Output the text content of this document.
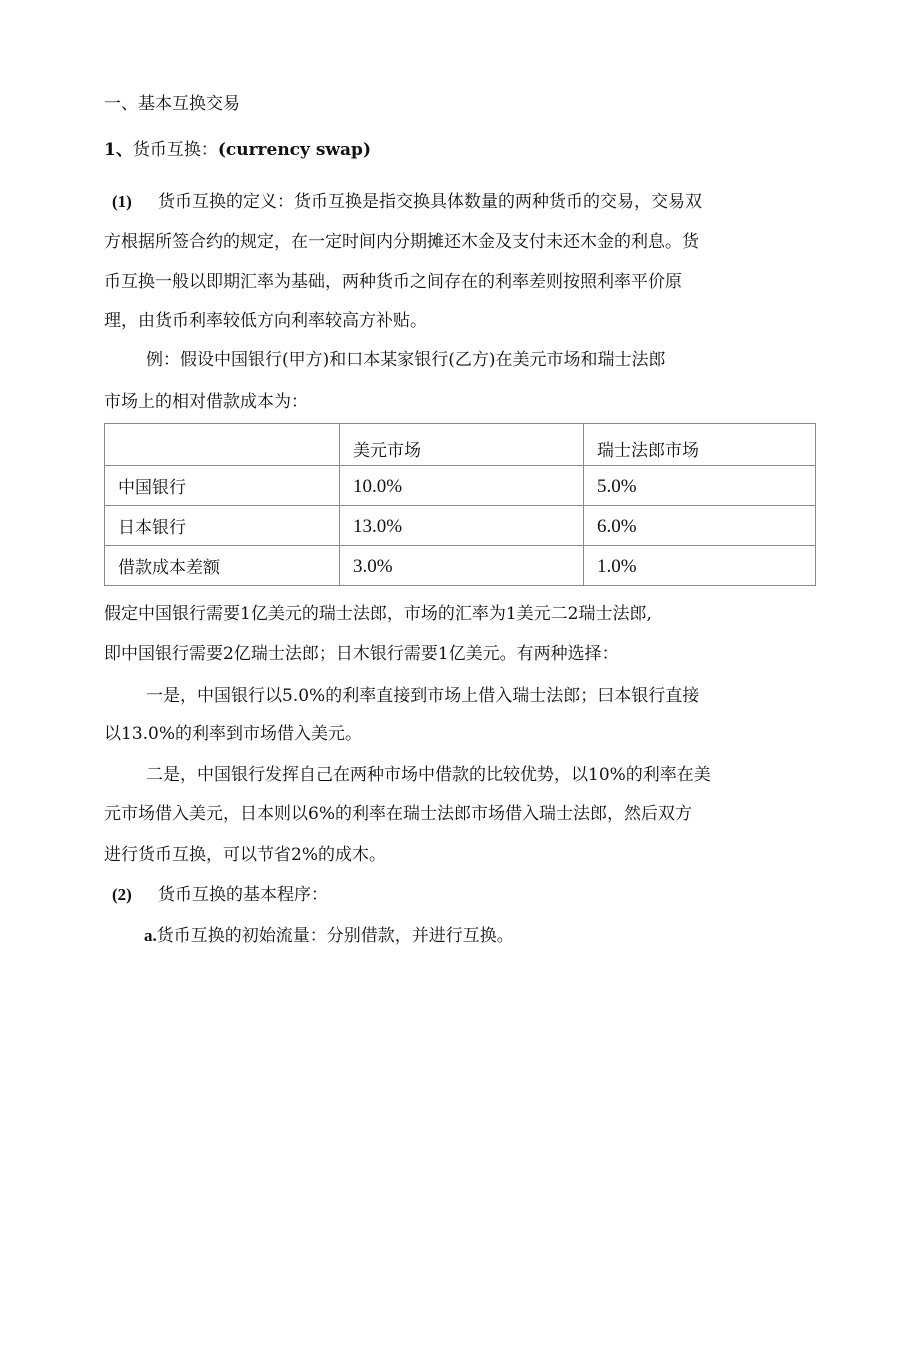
一、基本互换交易
1、货币互换：(currency swap)
(1) 货币互换的定义：货币互换是指交换具体数量的两种货币的交易，交易双
方根据所签合约的规定，在一定时间内分期摊还木金及支付未还木金的利息。货
币互换一般以即期汇率为基础，两种货币之间存在的利率差则按照利率平价原
理，由货币利率较低方向利率较高方补贴。
例：假设中国银行(甲方)和口本某家银行(乙方)在美元市场和瑞士法郎
市场上的相对借款成本为：
	美元市场	瑞士法郎市场
中国银行	10.0%	5.0%
日本银行	13.0%	6.0%
借款成本差额	3.0%	1.0%
假定中国银行需要1亿美元的瑞士法郎，市场的汇率为1美元二2瑞士法郎,
即中国银行需要2亿瑞士法郎；日木银行需要1亿美元。有两种选择：
一是，中国银行以5.0%的利率直接到市场上借入瑞士法郎；曰本银行直接
以13.0%的利率到市场借入美元。
二是，中国银行发挥自己在两种市场中借款的比较优势，以10%的利率在美
元市场借入美元，日本则以6%的利率在瑞士法郎市场借入瑞士法郎，然后双方
进行货币互换，可以节省2%的成木。
(2) 货币互换的基本程序：
a.货币互换的初始流量：分别借款，并进行互换。
